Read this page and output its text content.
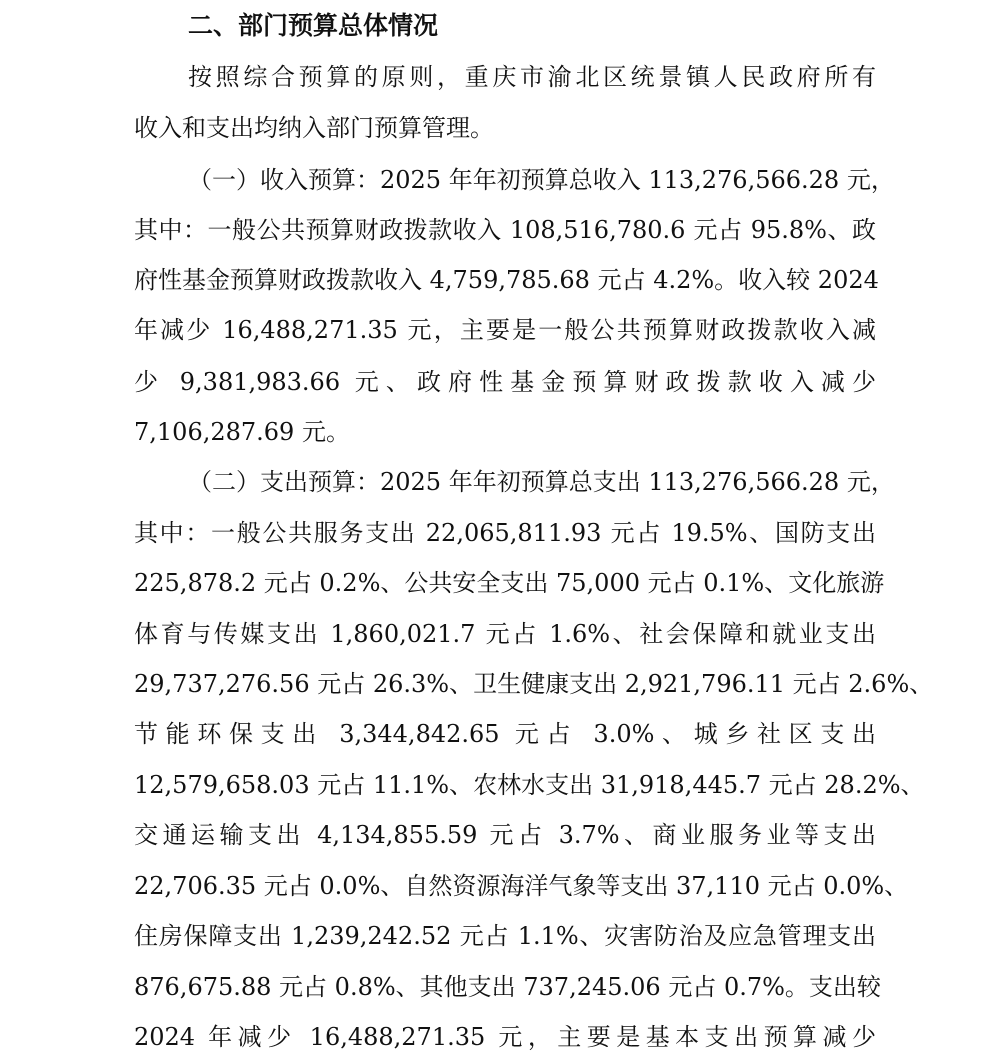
二、部门预算总体情况
按照综合预算的原则，重庆市渝北区统景镇人民政府所有
收入和支出均纳入部门预算管理。
（一）收入预算：2025 年年初预算总收入 113,276,566.28 元，
其中：一般公共预算财政拨款收入 108,516,780.6 元占 95.8%、政
府性基金预算财政拨款收入 4,759,785.68 元占 4.2%。收入较 2024
年减少 16,488,271.35 元，主要是一般公共预算财政拨款收入减
少 9,381,983.66 元、政府性基金预算财政拨款收入减少
7,106,287.69 元。
（二）支出预算：2025 年年初预算总支出 113,276,566.28 元，
其中：一般公共服务支出 22,065,811.93 元占 19.5%、国防支出
225,878.2 元占 0.2%、公共安全支出 75,000 元占 0.1%、文化旅游
体育与传媒支出 1,860,021.7 元占 1.6%、社会保障和就业支出
29,737,276.56 元占 26.3%、卫生健康支出 2,921,796.11 元占 2.6%、
节能环保支出 3,344,842.65 元占 3.0%、城乡社区支出
12,579,658.03 元占 11.1%、农林水支出 31,918,445.7 元占 28.2%、
交通运输支出 4,134,855.59 元占 3.7%、商业服务业等支出
22,706.35 元占 0.0%、自然资源海洋气象等支出 37,110 元占 0.0%、
住房保障支出 1,239,242.52 元占 1.1%、灾害防治及应急管理支出
876,675.88 元占 0.8%、其他支出 737,245.06 元占 0.7%。支出较
2024 年减少 16,488,271.35 元，主要是基本支出预算减少
